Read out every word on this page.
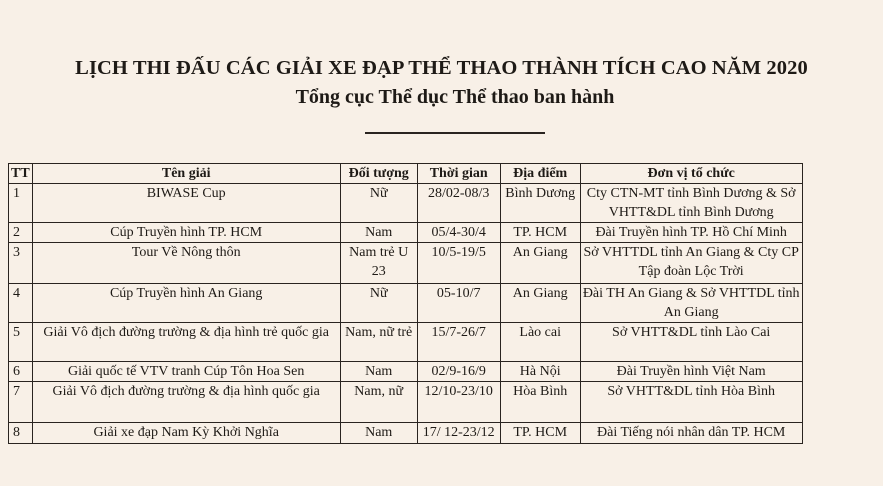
LỊCH THI ĐẤU CÁC GIẢI XE ĐẠP THỂ THAO THÀNH TÍCH CAO NĂM 2020
Tổng cục Thể dục Thể thao ban hành
TT	Tên giải	Đối tượng	Thời gian	Địa điểm	Đơn vị tổ chức
1	BIWASE Cup	Nữ	28/02-08/3	Bình Dương	Cty CTN-MT tỉnh Bình Dương & Sở VHTT&DL tỉnh Bình Dương
2	Cúp Truyền hình TP. HCM	Nam	05/4-30/4	TP. HCM	Đài Truyền hình TP. Hồ Chí Minh
3	Tour Về Nông thôn	Nam trẻ U 23	10/5-19/5	An Giang	Sở VHTTDL tỉnh An Giang & Cty CP Tập đoàn Lộc Trời
4	Cúp Truyền hình An Giang	Nữ	05-10/7	An Giang	Đài TH An Giang & Sở VHTTDL tỉnh An Giang
5	Giải Vô địch đường trường & địa hình trẻ quốc gia	Nam, nữ trẻ	15/7-26/7	Lào cai	Sở VHTT&DL tỉnh Lào Cai
6	Giải quốc tế VTV tranh Cúp Tôn Hoa Sen	Nam	02/9-16/9	Hà Nội	Đài Truyền hình Việt Nam
7	Giải Vô địch đường trường & địa hình quốc gia	Nam, nữ	12/10-23/10	Hòa Bình	Sở VHTT&DL tỉnh Hòa Bình
8	Giải xe đạp Nam Kỳ Khởi Nghĩa	Nam	17/ 12-23/12	TP. HCM	Đài Tiếng nói nhân dân TP. HCM
